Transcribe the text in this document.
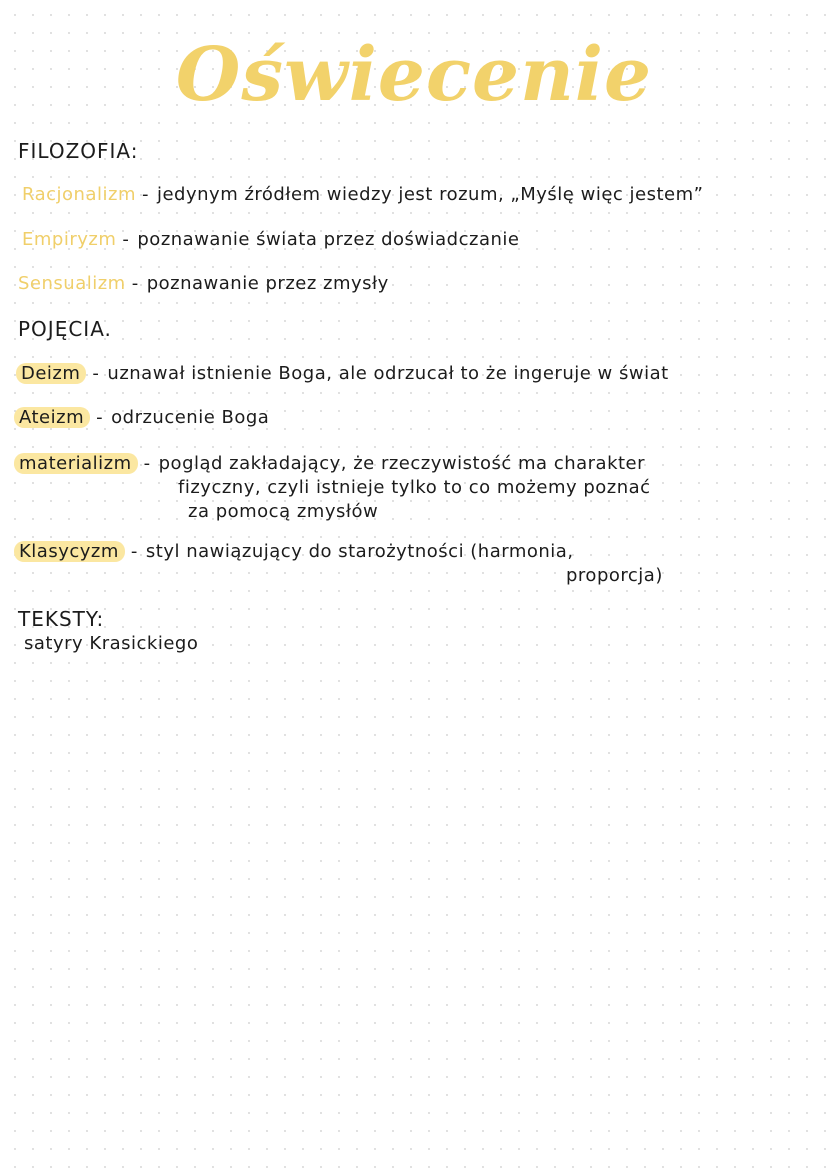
Oświecenie
FILOZOFIA:
Racjonalizm - jedynym źródłem wiedzy jest rozum, „Myślę więc jestem”
Empiryzm - poznawanie świata przez doświadczanie
Sensualizm - poznawanie przez zmysły
POJĘCIA.
Deizm - uznawał istnienie Boga, ale odrzucał to że ingeruje w świat
Ateizm - odrzucenie Boga
materializm - pogląd zakładający, że rzeczywistość ma charakter
fizyczny, czyli istnieje tylko to co możemy poznać
za pomocą zmysłów
Klasycyzm - styl nawiązujący do starożytności (harmonia,
proporcja)
TEKSTY:
satyry Krasickiego
